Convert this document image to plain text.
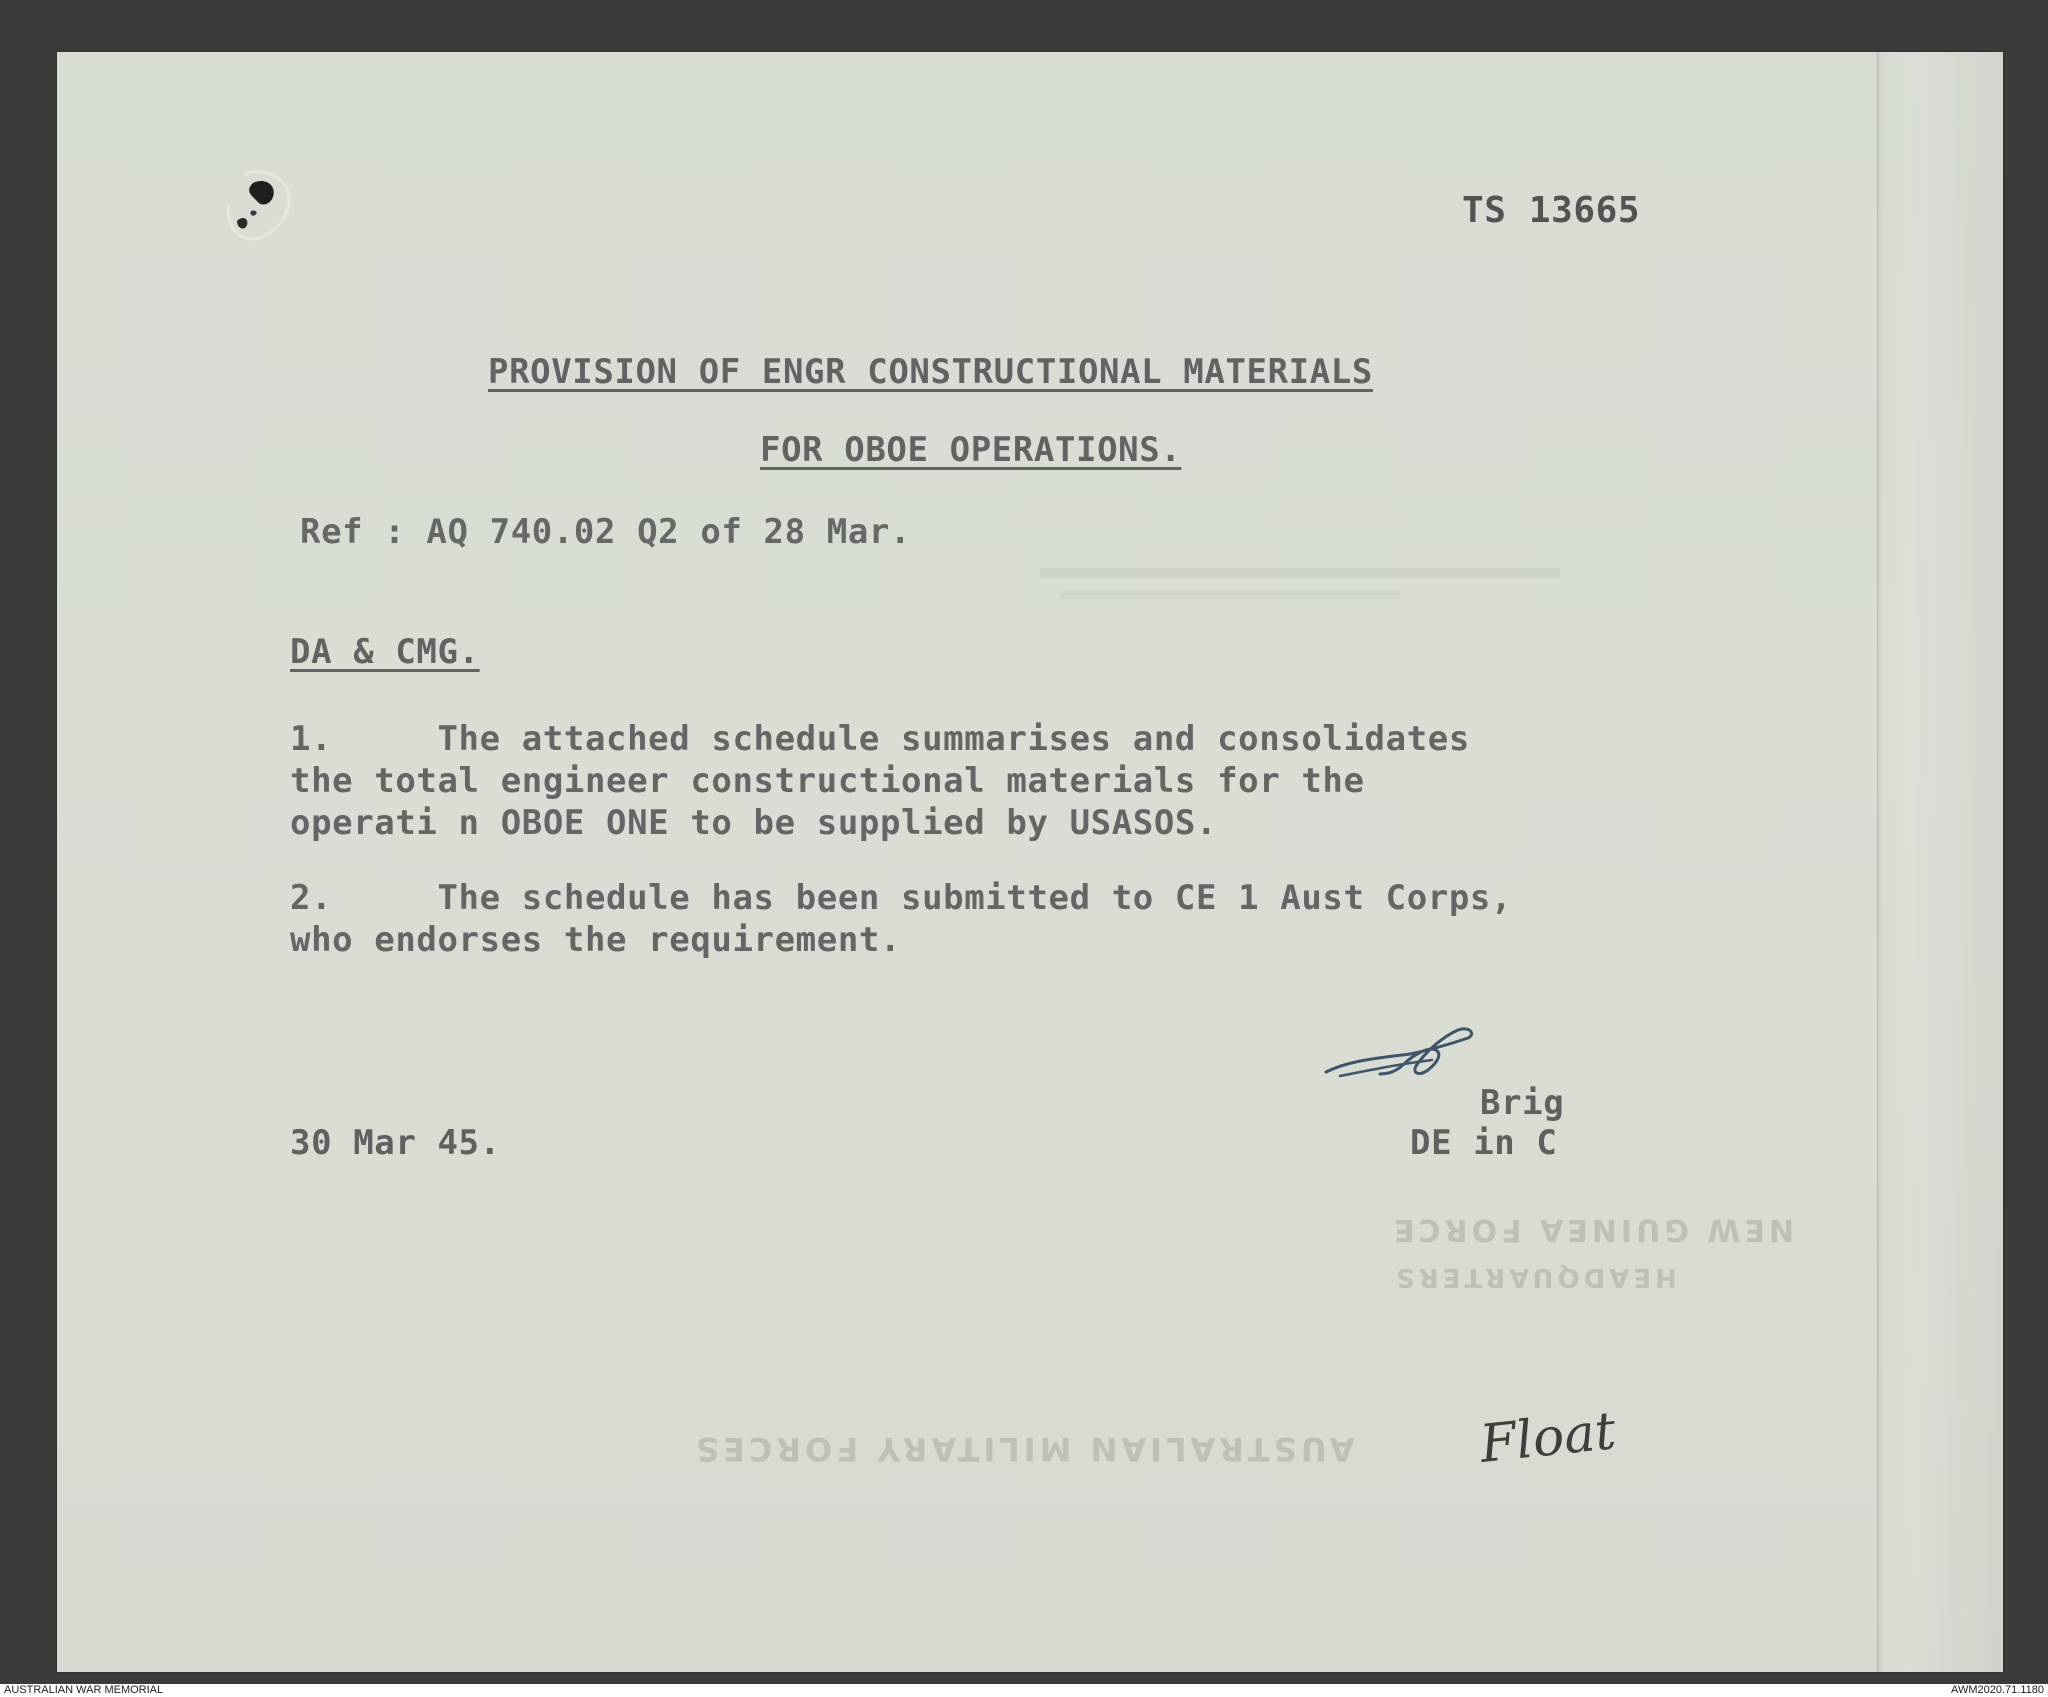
TS 13665

PROVISION OF ENGR CONSTRUCTIONAL MATERIALS

FOR OBOE OPERATIONS.

Ref : AQ 740.02 Q2 of 28 Mar.

DA & CMG.

1.     The attached schedule summarises and consolidates
the total engineer constructional materials for the
operati n OBOE ONE to be supplied by USASOS.

2.     The schedule has been submitted to CE 1 Aust Corps,
who endorses the requirement.

30 Mar 45.

Brig

DE in C

NEW GUINEA FORCE

HEADQUARTERS

AUSTRALIAN MILITARY FORCES Float

AUSTRALIAN WAR MEMORIAL	AWM2020.71.1180
